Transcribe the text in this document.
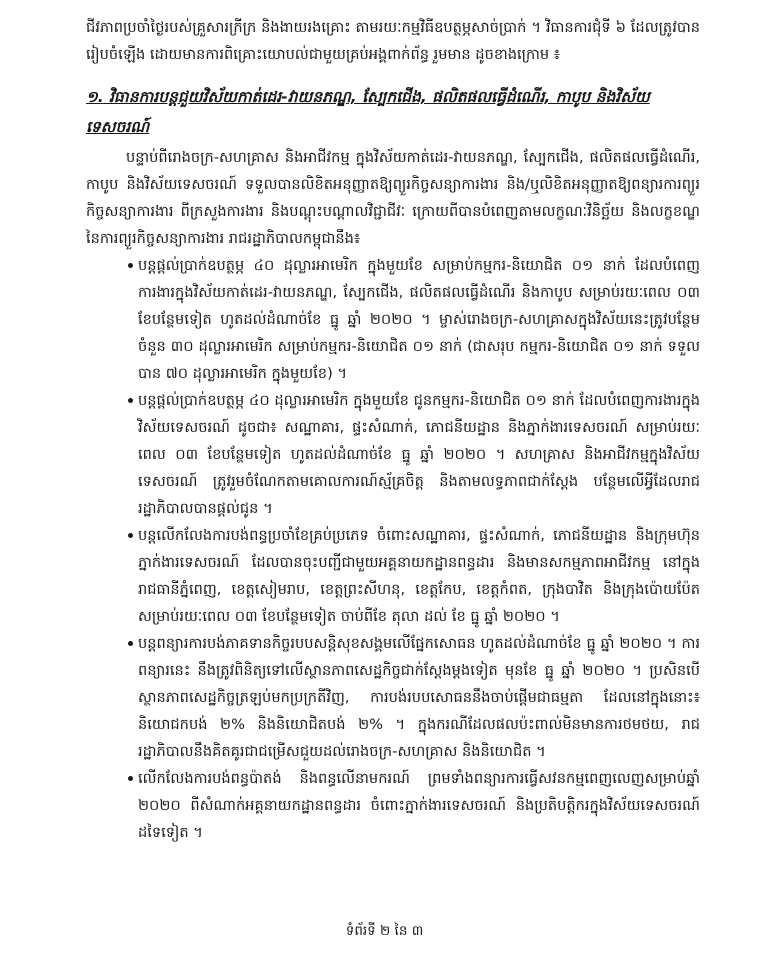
ជីវភាពប្រចាំថ្ងៃរបស់គ្រួសារក្រីក្រ និងងាយរងគ្រោះ តាមរយៈកម្មវិធីឧបត្ថម្ភសាច់ប្រាក់ ។ វិធានការជុំទី ៦ ដែលត្រូវបានរៀបចំឡើង ដោយមានការពិគ្រោះយោបល់ជាមួយគ្រប់អង្គពាក់ព័ន្ធ រួមមាន ដូចខាងក្រោម ៖

១. វិធានការបន្តជួយវិស័យកាត់ដេរ-វាយនភណ្ឌ, ស្បែកជើង, ផលិតផលធ្វើដំណើរ, កាបូប និងវិស័យទេសចរណ៍

បន្ទាប់ពីរោងចក្រ-សហគ្រាស និងអាជីវកម្ម ក្នុងវិស័យកាត់ដេរ-វាយនភណ្ឌ, ស្បែកជើង, ផលិតផលធ្វើដំណើរ, កាបូប និងវិស័យទេសចរណ៍ ទទួលបានលិខិតអនុញ្ញាតឱ្យព្យួរកិច្ចសន្យាការងារ និង/ឬលិខិតអនុញ្ញាតឱ្យពន្យារការព្យួរកិច្ចសន្យាការងារ ពីក្រសួងការងារ និងបណ្តុះបណ្តាលវិជ្ជាជីវៈ ក្រោយពីបានបំពេញតាមលក្ខណៈវិនិច្ឆ័យ និងលក្ខខណ្ឌនៃការព្យួរកិច្ចសន្យាការងារ រាជរដ្ឋាភិបាលកម្ពុជានឹង៖

បន្តផ្តល់ប្រាក់ឧបត្ថម្ភ ៤០ ដុល្លារអាមេរិក ក្នុងមួយខែ សម្រាប់កម្មករ-និយោជិត ០១ នាក់ ដែលបំពេញការងារក្នុងវិស័យកាត់ដេរ-វាយនភណ្ឌ, ស្បែកជើង, ផលិតផលធ្វើដំណើរ និងកាបូប សម្រាប់រយៈពេល ០៣ ខែបន្ថែមទៀត ហូតដល់ដំណាច់ខែ ធ្នូ ឆ្នាំ ២០២០ ។ ម្ចាស់រោងចក្រ-សហគ្រាសក្នុងវិស័យនេះត្រូវបន្ថែមចំនួន ៣០ ដុល្លារអាមេរិក សម្រាប់កម្មករ-និយោជិត ០១ នាក់ (ជាសរុប កម្មករ-និយោជិត ០១ នាក់ ទទួលបាន ៧០ ដុល្លារអាមេរិក ក្នុងមួយខែ) ។
បន្តផ្តល់ប្រាក់ឧបត្ថម្ភ ៤០ ដុល្លារអាមេរិក ក្នុងមួយខែ ជូនកម្មករ-និយោជិត ០១ នាក់ ដែលបំពេញការងារក្នុងវិស័យទេសចរណ៍ ដូចជា៖ សណ្ឋាគារ, ផ្ទះសំណាក់, ភោជនីយដ្ឋាន និងភ្នាក់ងារទេសចរណ៍ សម្រាប់រយៈពេល ០៣ ខែបន្ថែមទៀត ហូតដល់ដំណាច់ខែ ធ្នូ ឆ្នាំ ២០២០ ។ សហគ្រាស និងអាជីវកម្មក្នុងវិស័យទេសចរណ៍ ត្រូវរួមចំណែកតាមគោលការណ៍ស្ម័គ្រចិត្ត និងតាមលទ្ធភាពជាក់ស្តែង បន្ថែមលើអ្វីដែលរាជរដ្ឋាភិបាលបានផ្តល់ជូន ។
បន្តលើកលែងការបង់ពន្ធប្រចាំខែគ្រប់ប្រភេទ ចំពោះសណ្ឋាគារ, ផ្ទះសំណាក់, ភោជនីយដ្ឋាន និងក្រុមហ៊ុនភ្នាក់ងារទេសចរណ៍ ដែលបានចុះបញ្ជីជាមួយអគ្គនាយកដ្ឋានពន្ធដារ និងមានសកម្មភាពអាជីវកម្ម នៅក្នុងរាជធានីភ្នំពេញ, ខេត្តសៀមរាប, ខេត្តព្រះសីហនុ, ខេត្តកែប, ខេត្តកំពត, ក្រុងបាវិត និងក្រុងប៉ោយប៉ែត សម្រាប់រយៈពេល ០៣ ខែបន្ថែមទៀត ចាប់ពីខែ តុលា ដល់ ខែ ធ្នូ ឆ្នាំ ២០២០ ។
បន្តពន្យារការបង់ភាគទាន​​​​​​កិច្ចរបបសន្តិសុខសង្គមលើផ្នែកសោធន ហូតដល់ដំណាច់ខែ ធ្នូ ឆ្នាំ ២០២០ ។ ការពន្យារនេះ នឹងត្រូវពិនិត្យទៅលើស្ថានភាពសេដ្ឋកិច្ចជាក់ស្តែងម្តងទៀត មុនខែ ធ្នូ ឆ្នាំ ២០២០ ។ ប្រសិនបើស្ថានភាពសេដ្ឋកិច្ចត្រឡប់មកប្រក្រតីវិញ, ការបង់របបសោធននឹងចាប់ផ្តើមជាធម្មតា ដែលនៅក្នុងនោះ៖ និយោជកបង់ ២% និងនិយោជិតបង់ ២% ។ ក្នុងករណីដែលផលប៉ះពាល់មិនមានការថមថយ, រាជរដ្ឋាភិបាលនឹងគិតគូរជាជម្រើសជួយដល់រោងចក្រ-សហគ្រាស និងនិយោជិត ។
លើកលែងការបង់ពន្ធប៉ាតង់ និងពន្ធលើនាមករណ៍ ព្រមទាំងពន្យារការធ្វើសវនកម្មពេញលេញសម្រាប់ឆ្នាំ ២០២០ ពីសំណាក់អគ្គនាយកដ្ឋានពន្ធដារ ចំពោះភ្នាក់ងារទេសចរណ៍ និងប្រតិបត្តិករក្នុងវិស័យទេសចរណ៍ដទៃទៀត ។
ទំព័រទី ២ នៃ ៣
